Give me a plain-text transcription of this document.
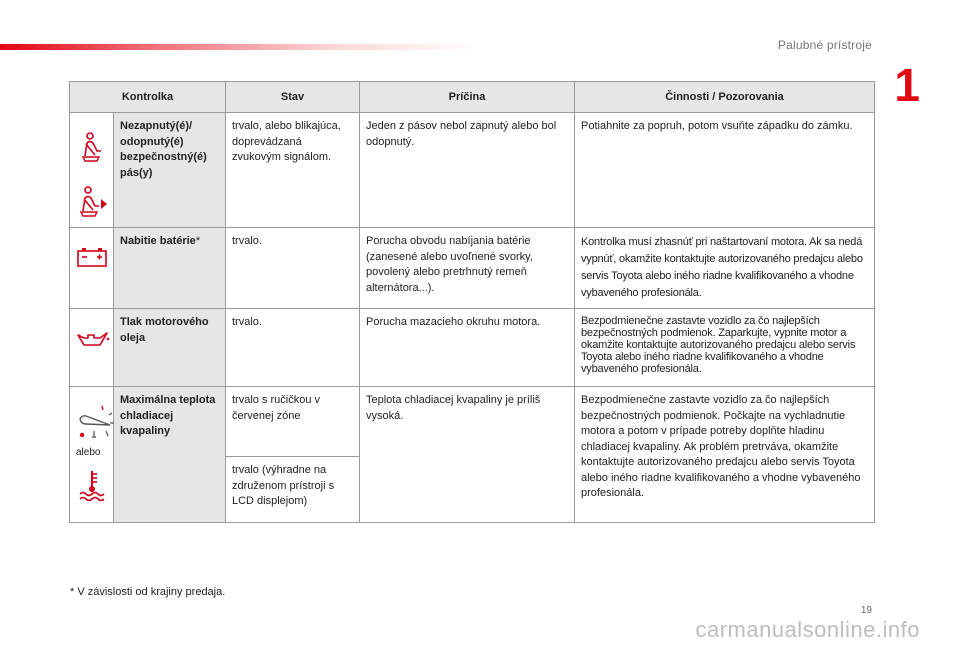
Palubné prístroje
1
Kontrolka		Stav	Príčina	Činnosti / Pozorovania

	Nezapnutý(é)/ odopnutý(é) bezpečnostný(é) pás(y)	trvalo, alebo blikajúca, doprevádzaná zvukovým signálom.	Jeden z pásov nebol zapnutý alebo bol odopnutý.	Potiahnite za popruh, potom vsuňte západku do zámku.

	Nabitie batérie*	trvalo.	Porucha obvodu nabíjania batérie (zanesené alebo uvoľnené svorky, povolený alebo pretrhnutý remeň alternátora...).	Kontrolka musí zhasnúť pri naštartovaní motora. Ak sa nedá vypnúť, okamžite kontaktujte autorizovaného predajcu alebo servis Toyota alebo iného riadne kvalifikovaného a vhodne vybaveného profesionála.

	Tlak motorového oleja	trvalo.	Porucha mazacieho okruhu motora.	Bezpodmienečne zastavte vozidlo za čo najlepších bezpečnostných podmienok. Zaparkujte, vypnite motor a okamžite kontaktujte autorizovaného predajcu alebo servis Toyota alebo iného riadne kvalifikovaného a vhodne vybaveného profesionála.

alebo	Maximálna teplota chladiacej kvapaliny	trvalo s ručičkou v červenej zóne	Teplota chladiacej kvapaliny je príliš vysoká.	Bezpodmienečne zastavte vozidlo za čo najlepších bezpečnostných podmienok. Počkajte na vychladnutie motora a potom v prípade potreby doplňte hladinu chladiacej kvapaliny. Ak problém pretrváva, okamžite kontaktujte autorizovaného predajcu alebo servis Toyota alebo iného riadne kvalifikovaného a vhodne vybaveného profesionála.
		trvalo (výhradne na združenom prístroji s LCD displejom)		
* V závislosti od krajiny predaja.
19
carmanualsonline.info
